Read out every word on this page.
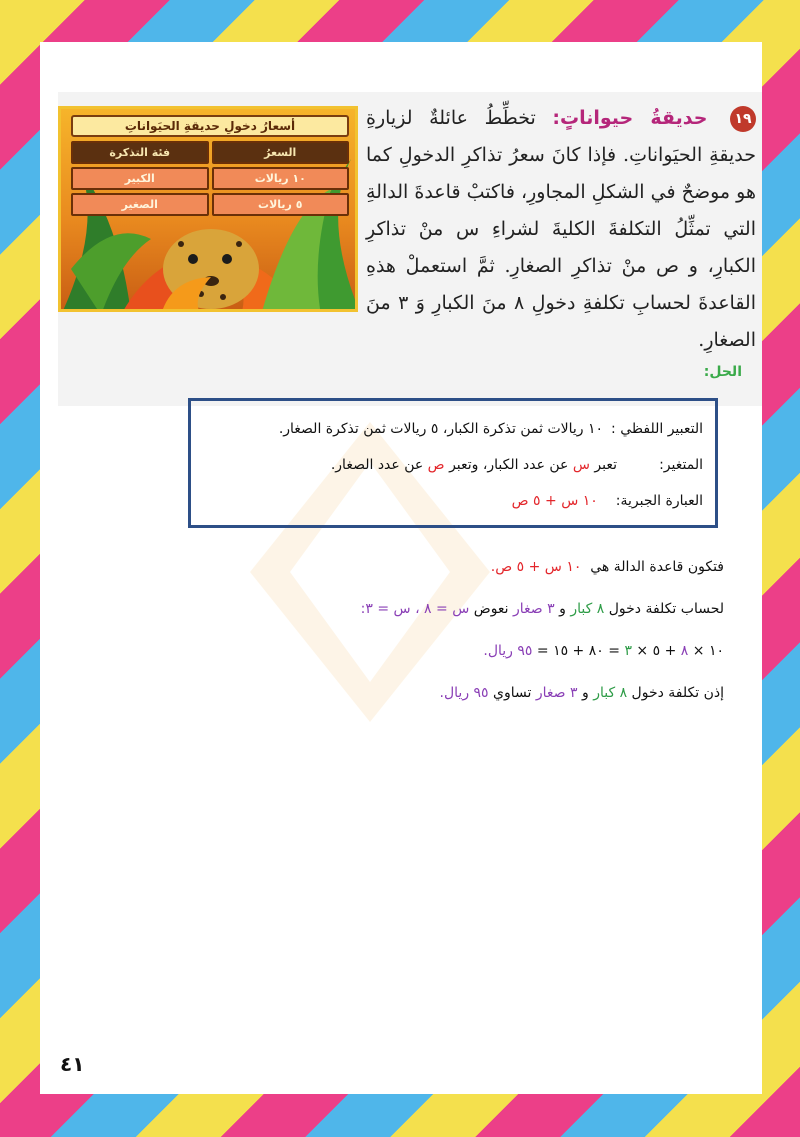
أسعارُ دخولِ حديقةِ الحيَواناتِ
السعرُ
فئة التذكرة
١٠ ريالات
الكبير
٥ ريالات
الصغير
١٩ حديقةُ حيواناتٍ: تخطِّطُ عائلةٌ لزيارةِ حديقةِ الحيَواناتِ. فإذا كانَ سعرُ تذاكرِ الدخولِ كما هو موضحٌ في الشكلِ المجاورِ، فاكتبْ قاعدةَ الدالةِ التي تمثِّلُ التكلفةَ الكليةَ لشراءِ س منْ تذاكرِ الكبارِ، و ص منْ تذاكرِ الصغارِ. ثمَّ استعملْ هذهِ القاعدةَ لحسابِ تكلفةِ دخولِ ٨ منَ الكبارِ وَ ٣ منَ الصغارِ.
الحل:
التعبير اللفظي :
١٠ ريالات ثمن تذكرة الكبار، ٥ ريالات ثمن تذكرة الصغار.
المتغير:
تعبر س عن عدد الكبار، وتعبر ص عن عدد الصغار.
العبارة الجبرية:
١٠ س + ٥ ص
فتكون قاعدة الدالة هي  ١٠ س + ٥ ص.
لحساب تكلفة دخول ٨ كبار و ٣ صغار نعوض س = ٨ ، س = ٣:
١٠ × ٨ + ٥ × ٣ = ٨٠ + ١٥ = ٩٥ ريال.
إذن تكلفة دخول ٨ كبار و ٣ صغار تساوي ٩٥ ريال.
٤١
